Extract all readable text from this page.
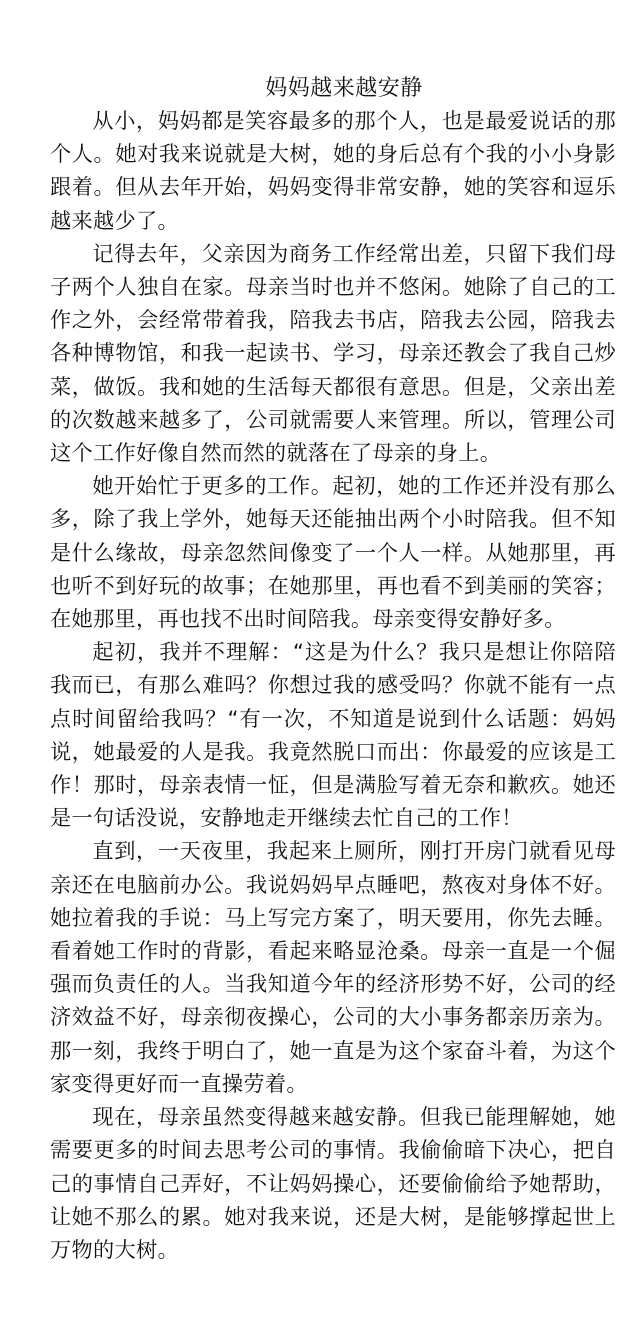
妈妈越来越安静

从小，妈妈都是笑容最多的那个人，也是最爱说话的那个人。她对我来说就是大树，她的身后总有个我的小小身影跟着。但从去年开始，妈妈变得非常安静，她的笑容和逗乐越来越少了。

记得去年，父亲因为商务工作经常出差，只留下我们母子两个人独自在家。母亲当时也并不悠闲。她除了自己的工作之外，会经常带着我，陪我去书店，陪我去公园，陪我去各种博物馆，和我一起读书、学习，母亲还教会了我自己炒菜，做饭。我和她的生活每天都很有意思。但是，父亲出差的次数越来越多了，公司就需要人来管理。所以，管理公司这个工作好像自然而然的就落在了母亲的身上。

她开始忙于更多的工作。起初，她的工作还并没有那么多，除了我上学外，她每天还能抽出两个小时陪我。但不知是什么缘故，母亲忽然间像变了一个人一样。从她那里，再也听不到好玩的故事；在她那里，再也看不到美丽的笑容；在她那里，再也找不出时间陪我。母亲变得安静好多。

起初，我并不理解：“这是为什么？我只是想让你陪陪我而已，有那么难吗？你想过我的感受吗？你就不能有一点点时间留给我吗？“有一次，不知道是说到什么话题：妈妈说，她最爱的人是我。我竟然脱口而出：你最爱的应该是工作！那时，母亲表情一怔，但是满脸写着无奈和歉疚。她还是一句话没说，安静地走开继续去忙自己的工作！

直到，一天夜里，我起来上厕所，刚打开房门就看见母亲还在电脑前办公。我说妈妈早点睡吧，熬夜对身体不好。她拉着我的手说：马上写完方案了，明天要用，你先去睡。看着她工作时的背影，看起来略显沧桑。母亲一直是一个倔强而负责任的人。当我知道今年的经济形势不好，公司的经济效益不好，母亲彻夜操心，公司的大小事务都亲历亲为。那一刻，我终于明白了，她一直是为这个家奋斗着，为这个家变得更好而一直操劳着。

现在，母亲虽然变得越来越安静。但我已能理解她，她需要更多的时间去思考公司的事情。我偷偷暗下决心，把自己的事情自己弄好，不让妈妈操心，还要偷偷给予她帮助，让她不那么的累。她对我来说，还是大树，是能够撑起世上万物的大树。
